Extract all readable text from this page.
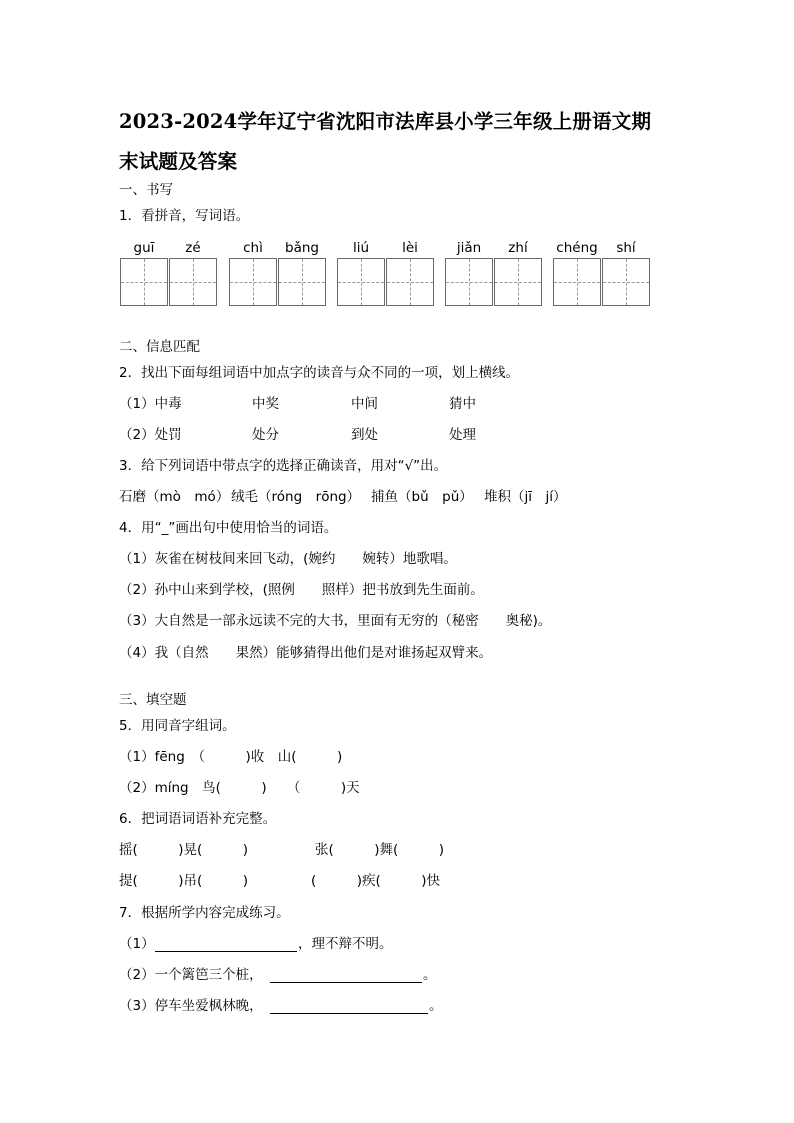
2023-2024学年辽宁省沈阳市法库县小学三年级上册语文期
末试题及答案
一、书写
1．看拼音，写词语。
guī	zé	chì	bǎng	liú	lèi	jiǎn	zhí	chéng	shí
二、信息匹配
2．找出下面每组词语中加点字的读音与众不同的一项，划上横线。
（1）中毒	中奖	中间	猜中
（2）处罚	处分	到处	处理
3．给下列词语中带点字的选择正确读音，用对“√”出。
石磨（mò　mó） 绒毛（róng　rōng） 捕鱼（bǔ　pǔ） 堆积（jī　jí）
4．用“_”画出句中使用恰当的词语。
（1）灰雀在树枝间来回飞动，(婉约　　婉转）地歌唱。
（2）孙中山来到学校，(照例　　照样）把书放到先生面前。
（3）大自然是一部永远读不完的大书，里面有无穷的（秘密　　奥秘)。
（4）我（自然　　果然）能够猜得出他们是对谁扬起双臂来。
三、填空题
5．用同音字组词。
（1）fēng　（　　　)收　山(　　　)
（2）míng　鸟(　　　)　　（　　　)天
6．把词语词语补充完整。
摇(　　　)晃(　　　)	张(　　　)舞(　　　)
提(　　　)吊(　　　)	(　　　)疾(　　　)快
7．根据所学内容完成练习。
（1）	，理不辩不明。
（2）一个篱笆三个桩，	。
（3）停车坐爱枫林晚，	。
